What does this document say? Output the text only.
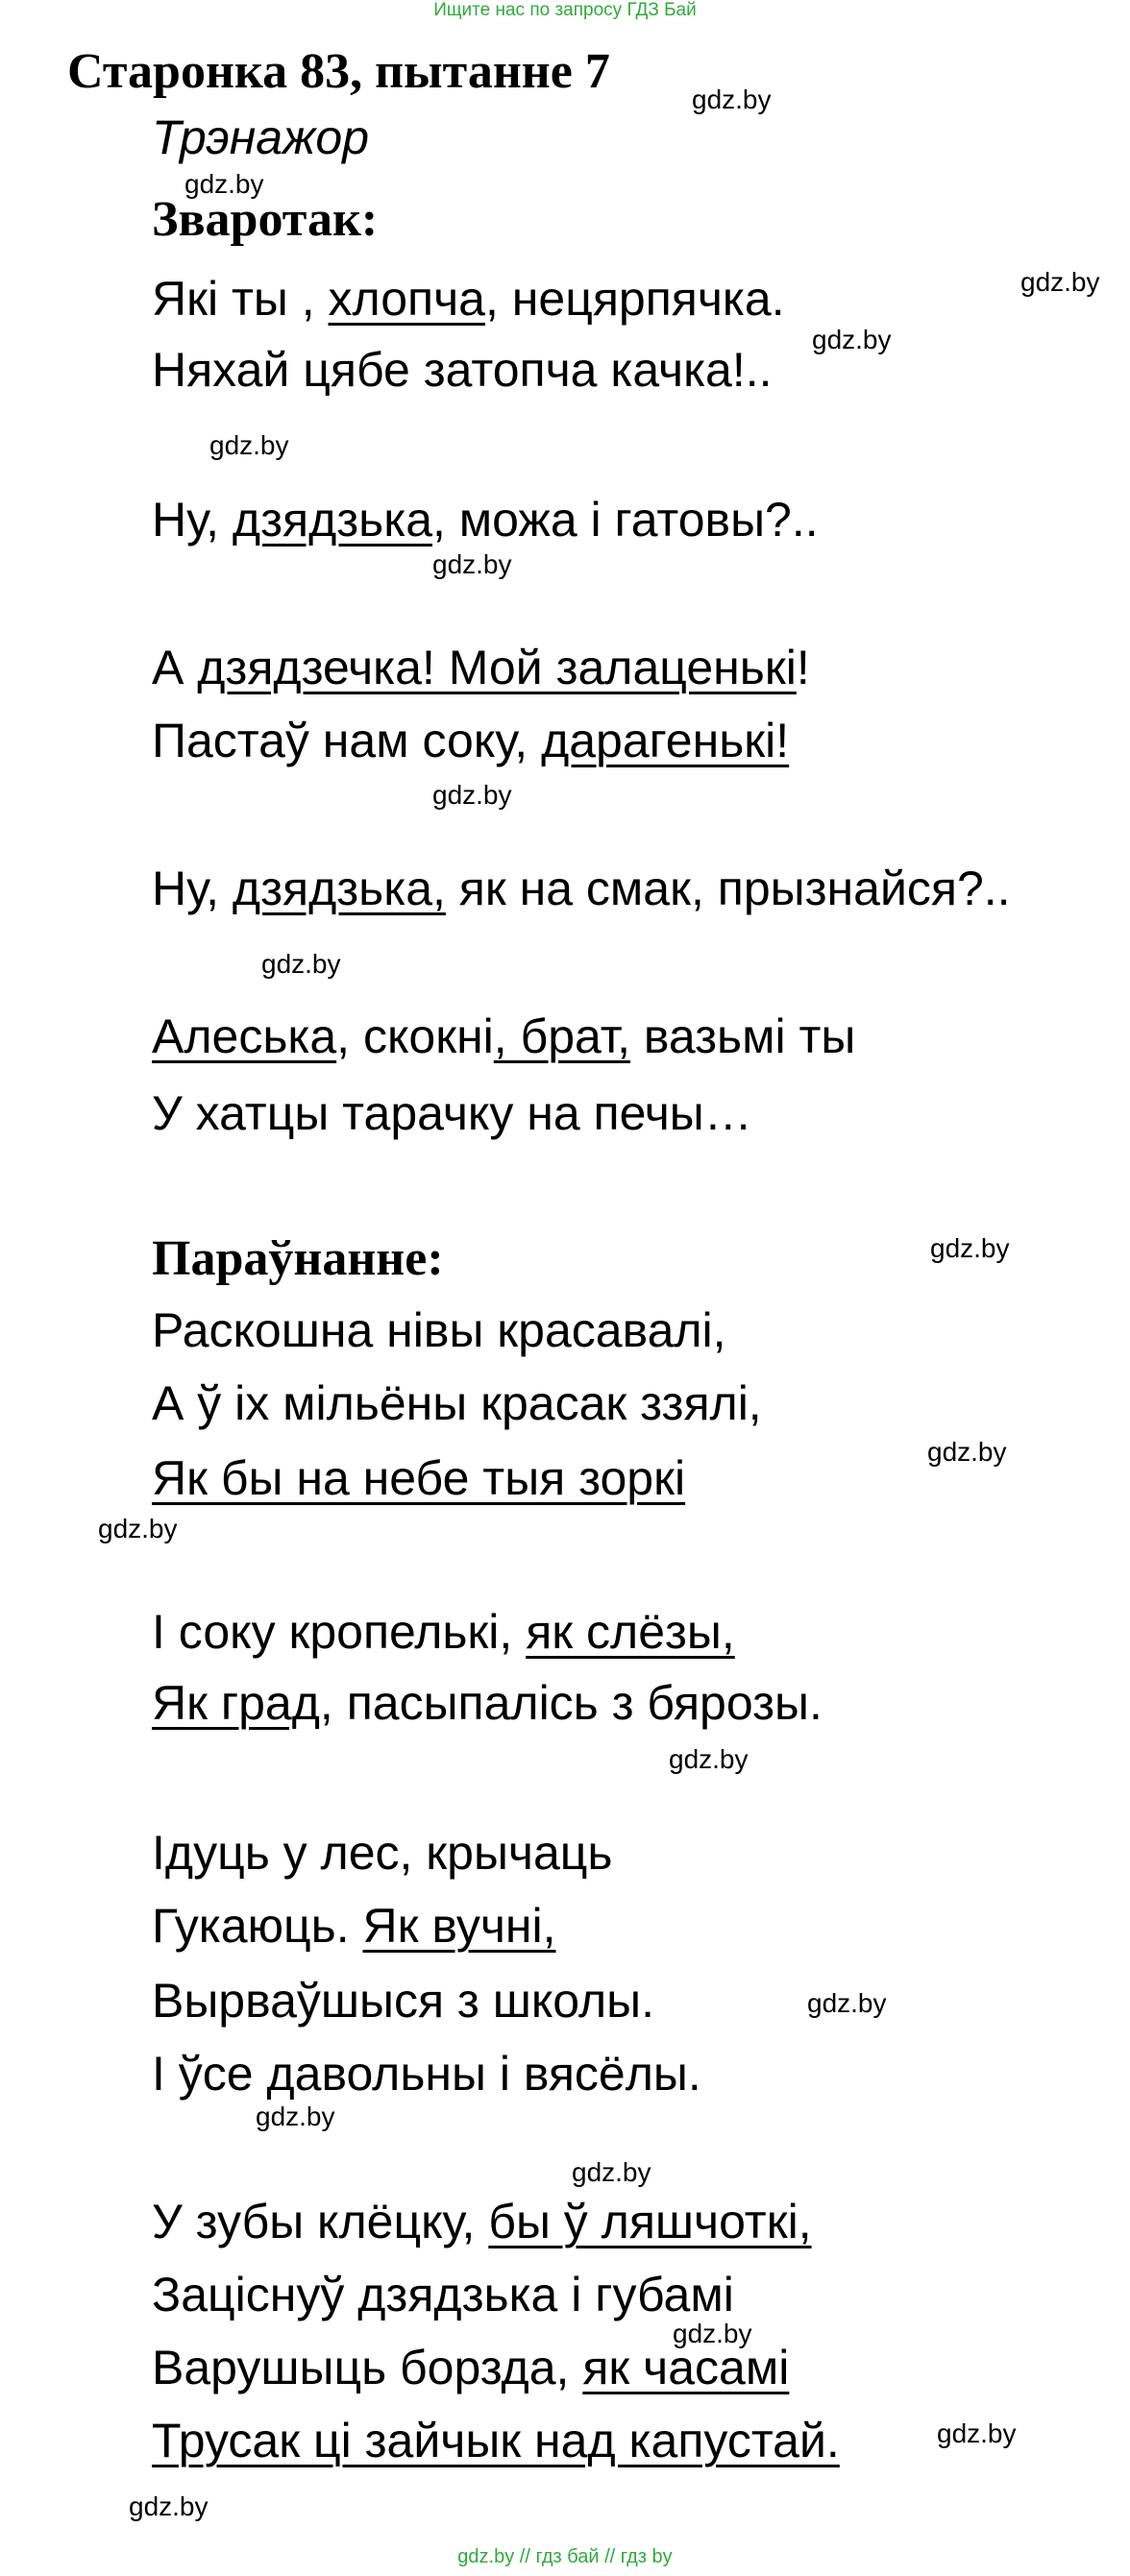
Ищите нас по запросу ГДЗ Бай
Старонка 83, пытанне 7
gdz.by
Трэнажор
gdz.by
Зваротак:
Які ты , хлопча, нецярпячка.	gdz.by
Няхай цябе затопча качка!..
gdz.by
gdz.by
Ну, дзядзька, можа і гатовы?..
gdz.by
А дзядзечка! Мой залаценькі!
Пастаў нам соку, дарагенькі!
gdz.by
Ну, дзядзька, як на смак, прызнайся?..
gdz.by
Алеська, скокні, брат, вазьмі ты
У хатцы тарачку на печы…
Параўнанне:	gdz.by
Раскошна нівы красавалі,
А ў іх мільёны красак ззялі,
Як бы на небе тыя зоркі	gdz.by
gdz.by
І соку кропелькі, як слёзы,
Як град, пасыпалісь з бярозы.
gdz.by
Ідуць у лес, крычаць
Гукаюць. Як вучні,
Вырваўшыся з школы.	gdz.by
І ўсе давольны і вясёлы.
gdz.by
gdz.by
У зубы клёцку, бы ў ляшчоткі,
Заціснуў дзядзька і губамі
gdz.by
Варушыць борзда, як часамі
Трусак ці зайчык над капустай.	gdz.by
gdz.by
gdz.by // гдз бай // гдз by
